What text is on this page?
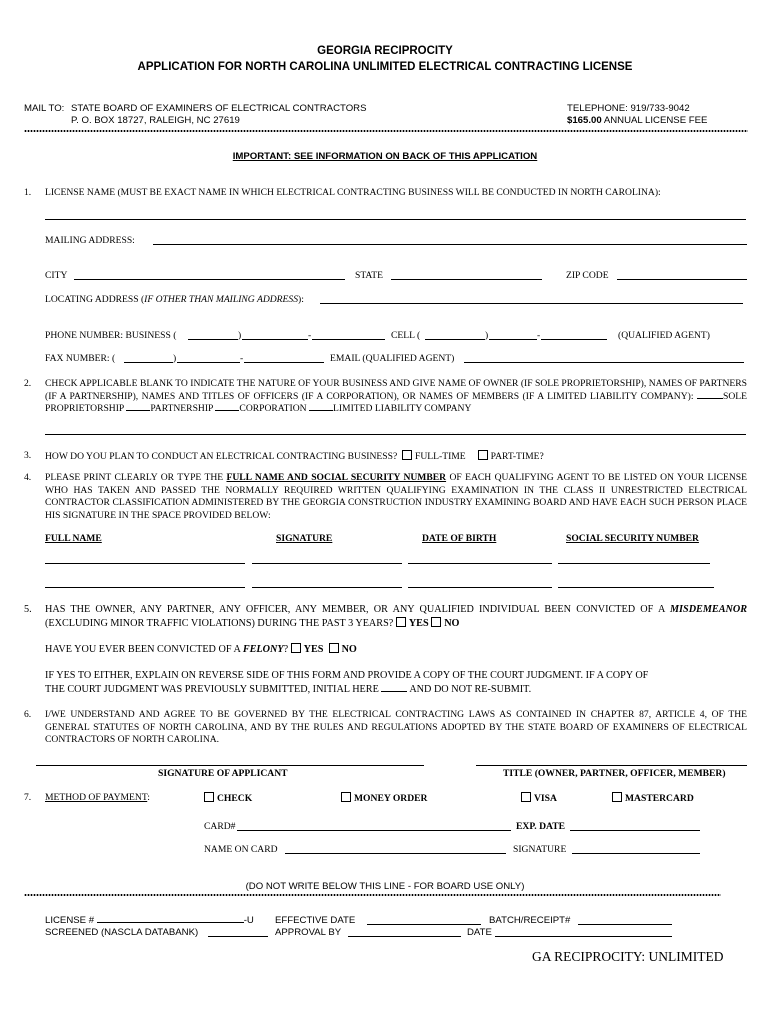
GEORGIA RECIPROCITY
APPLICATION FOR NORTH CAROLINA UNLIMITED ELECTRICAL CONTRACTING LICENSE
MAIL TO: STATE BOARD OF EXAMINERS OF ELECTRICAL CONTRACTORS
P. O. BOX 18727, RALEIGH, NC 27619
TELEPHONE: 919/733-9042
$165.00 ANNUAL LICENSE FEE
IMPORTANT: SEE INFORMATION ON BACK OF THIS APPLICATION
1. LICENSE NAME (MUST BE EXACT NAME IN WHICH ELECTRICAL CONTRACTING BUSINESS WILL BE CONDUCTED IN NORTH CAROLINA):
MAILING ADDRESS:
CITY	STATE	ZIP CODE
LOCATING ADDRESS (IF OTHER THAN MAILING ADDRESS):
PHONE NUMBER: BUSINESS (	)	-	CELL (	)	-	(QUALIFIED AGENT)
FAX NUMBER: (	)	-	EMAIL (QUALIFIED AGENT)
2. CHECK APPLICABLE BLANK TO INDICATE THE NATURE OF YOUR BUSINESS AND GIVE NAME OF OWNER (IF SOLE PROPRIETORSHIP), NAMES OF PARTNERS (IF A PARTNERSHIP), NAMES AND TITLES OF OFFICERS (IF A CORPORATION), OR NAMES OF MEMBERS (IF A LIMITED LIABILITY COMPANY):	SOLE PROPRIETORSHIP	PARTNERSHIP	CORPORATION	LIMITED LIABILITY COMPANY
3. HOW DO YOU PLAN TO CONDUCT AN ELECTRICAL CONTRACTING BUSINESS? FULL-TIME	PART-TIME?
4. PLEASE PRINT CLEARLY OR TYPE THE FULL NAME AND SOCIAL SECURITY NUMBER OF EACH QUALIFYING AGENT TO BE LISTED ON YOUR LICENSE WHO HAS TAKEN AND PASSED THE NORMALLY REQUIRED WRITTEN QUALIFYING EXAMINATION IN THE CLASS II UNRESTRICTED ELECTRICAL CONTRACTOR CLASSIFICATION ADMINISTERED BY THE GEORGIA CONSTRUCTION INDUSTRY EXAMINING BOARD AND HAVE EACH SUCH PERSON PLACE HIS SIGNATURE IN THE SPACE PROVIDED BELOW:
FULL NAME	SIGNATURE	DATE OF BIRTH	SOCIAL SECURITY NUMBER
5. HAS THE OWNER, ANY PARTNER, ANY OFFICER, ANY MEMBER, OR ANY QUALIFIED INDIVIDUAL BEEN CONVICTED OF A MISDEMEANOR (EXCLUDING MINOR TRAFFIC VIOLATIONS) DURING THE PAST 3 YEARS? YES NO
HAVE YOU EVER BEEN CONVICTED OF A FELONY? YES NO
IF YES TO EITHER, EXPLAIN ON REVERSE SIDE OF THIS FORM AND PROVIDE A COPY OF THE COURT JUDGMENT. IF A COPY OF
THE COURT JUDGMENT WAS PREVIOUSLY SUBMITTED, INITIAL HERE	AND DO NOT RE-SUBMIT.
6. I/WE UNDERSTAND AND AGREE TO BE GOVERNED BY THE ELECTRICAL CONTRACTING LAWS AS CONTAINED IN CHAPTER 87, ARTICLE 4, OF THE GENERAL STATUTES OF NORTH CAROLINA, AND BY THE RULES AND REGULATIONS ADOPTED BY THE STATE BOARD OF EXAMINERS OF ELECTRICAL CONTRACTORS OF NORTH CAROLINA.
SIGNATURE OF APPLICANT	TITLE (OWNER, PARTNER, OFFICER, MEMBER)
7. METHOD OF PAYMENT:	CHECK	MONEY ORDER	VISA	MASTERCARD
CARD#	EXP. DATE
NAME ON CARD	SIGNATURE
(DO NOT WRITE BELOW THIS LINE - FOR BOARD USE ONLY)
LICENSE #	-U EFFECTIVE DATE	BATCH/RECEIPT#
SCREENED (NASCLA DATABANK)	APPROVAL BY	DATE
GA RECIPROCITY: UNLIMITED
